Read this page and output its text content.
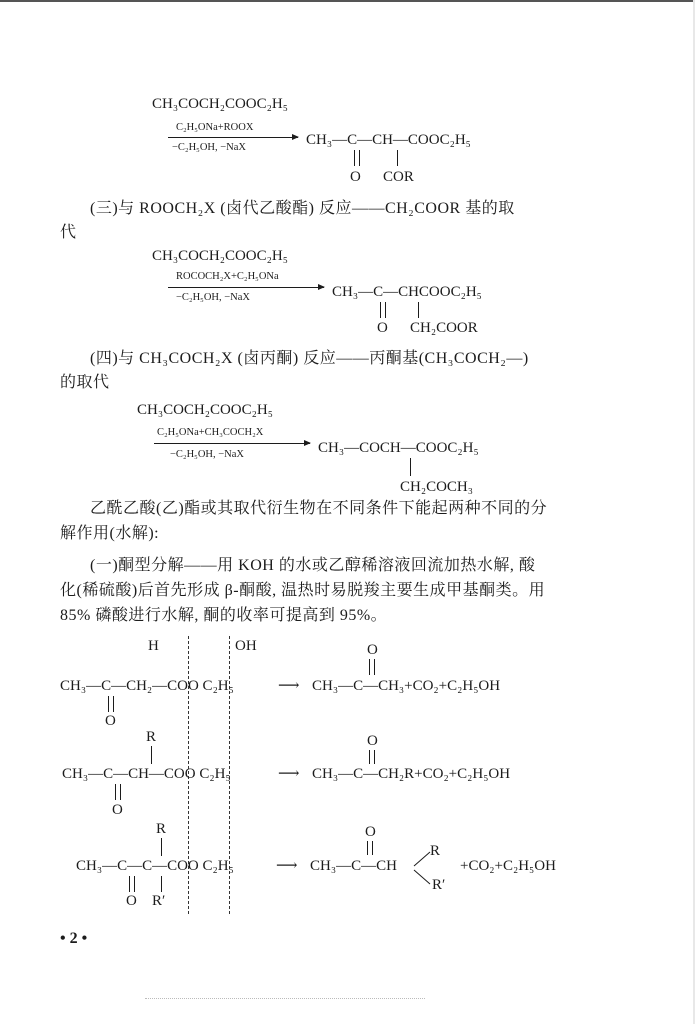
CH₃COCH₂COOC₂H₅
C₂H₅ONa+ROOX
−C₂H₅OH, −NaX	CH₃—C—CH—COOC₂H₅
O COR
(三)与 ROOCH₂X (卤代乙酸酯) 反应——CH₂COOR 基的取
代
CH₃COCH₂COOC₂H₅
ROCOCH₂X+C₂H₅ONa
−C₂H₅OH, −NaX	CH₃—C—CHCOOC₂H₅
O CH₂COOR
(四)与 CH₃COCH₂X (卤丙酮) 反应——丙酮基(CH₃COCH₂—)
的取代
CH₃COCH₂COOC₂H₅
C₂H₅ONa+CH₃COCH₂X
−C₂H₅OH, −NaX	CH₃—COCH—COOC₂H₅
CH₂COCH₃
乙酰乙酸(乙)酯或其取代衍生物在不同条件下能起两种不同的分
解作用(水解):
(一)酮型分解——用 KOH 的水或乙醇稀溶液回流加热水解, 酸
化(稀硫酸)后首先形成 β-酮酸, 温热时易脱羧主要生成甲基酮类。用
85% 磷酸进行水解, 酮的收率可提高到 95%。
H	OH
CH₃—C—CH₂—COO C₂H₅
O
⟶ CH₃—C—CH₃+CO₂+C₂H₅OH
O
R
CH₃—C—CH—COO C₂H₅
O
⟶ CH₃—C—CH₂R+CO₂+C₂H₅OH
O
R
CH₃—C—C—COO C₂H₅
O R′
⟶ CH₃—C—CH
O
R
R′
+CO₂+C₂H₅OH
• 2 •
